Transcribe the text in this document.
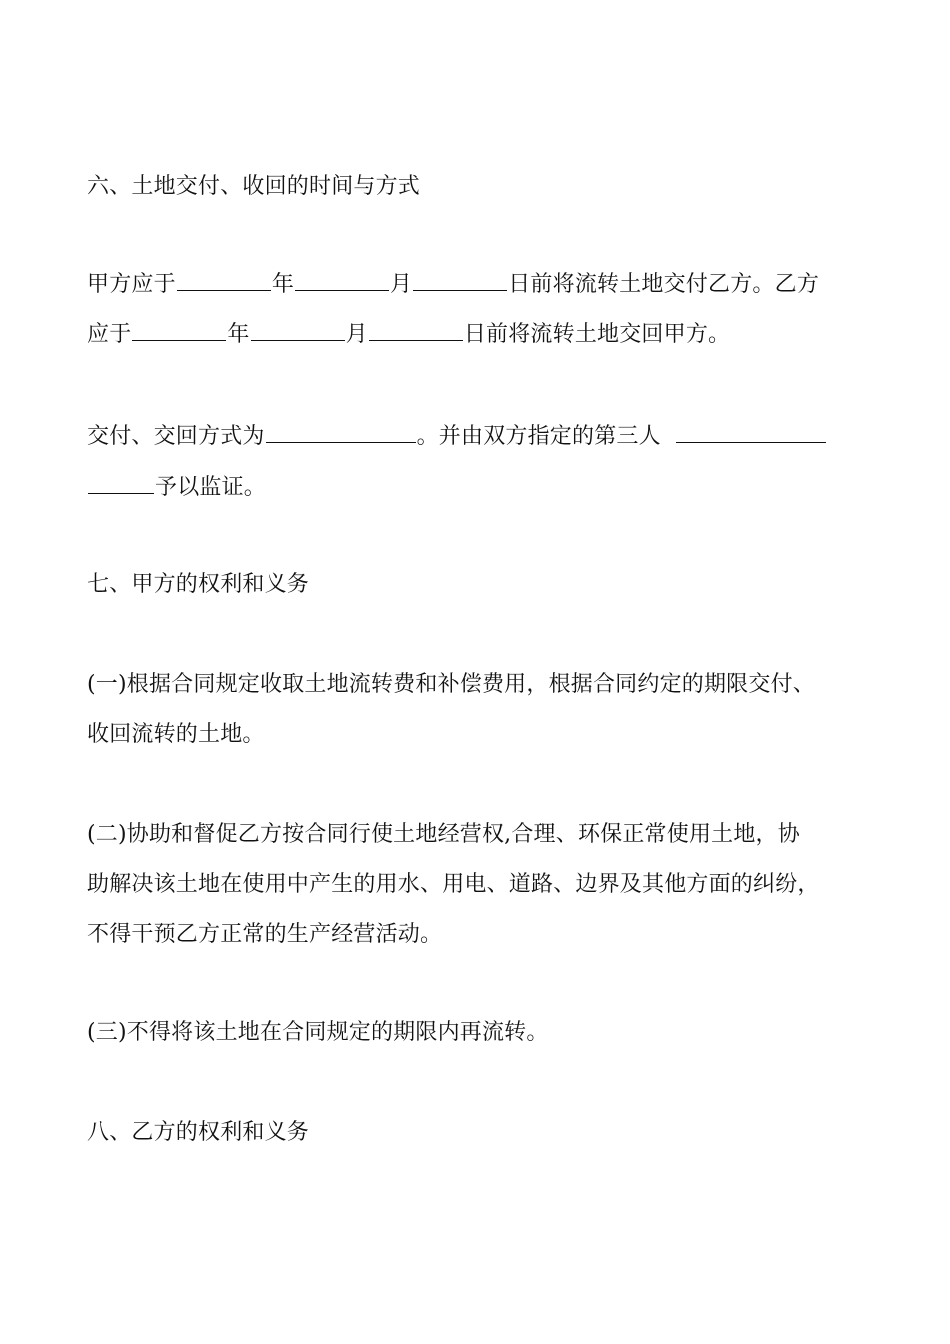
六、土地交付、收回的时间与方式
甲方应于	年	月	日前将流转土地交付乙方。乙方
应于	年	月	日前将流转土地交回甲方。
交付、交回方式为	。并由双方指定的第三人
予以监证。
七、甲方的权利和义务
(一)根据合同规定收取土地流转费和补偿费用，根据合同约定的期限交付、
收回流转的土地。
(二)协助和督促乙方按合同行使土地经营权,合理、环保正常使用土地，协
助解决该土地在使用中产生的用水、用电、道路、边界及其他方面的纠纷，
不得干预乙方正常的生产经营活动。
(三)不得将该土地在合同规定的期限内再流转。
八、乙方的权利和义务
